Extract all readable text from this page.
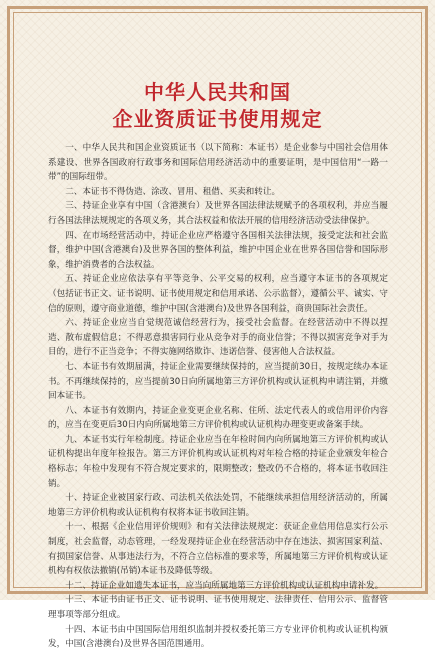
中华人民共和国
企业资质证书使用规定

一、中华人民共和国企业资质证书（以下简称：本证书）是企业参与中国社会信用体系建设、世界各国政府行政事务和国际信用经济活动中的重要证明，是中国信用“一路一带”的国际纽带。

二、本证书不得伪造、涂改、冒用、租借、买卖和转让。

三、持证企业享有中国（含港澳台）及世界各国法律法规赋予的各项权利，并应当履行各国法律法规规定的各项义务，其合法权益和依法开展的信用经济活动受法律保护。

四、在市场经营活动中，持证企业应严格遵守各国相关法律法规，接受定法和社会监督，维护中国(含港澳台)及世界各国的整体利益，维护中国企业在世界各国信誉和国际形象，维护消费者的合法权益。

五、持证企业应依法享有平等竞争、公平交易的权利，应当遵守本证书的各项规定（包括证书正文、证书说明、证书使用规定和信用承诺、公示监督），遵循公平、诚实、守信的原则，遵守商业道德，维护中国(含港澳台)及世界各国利益，商贵国际社会责任。

六、持证企业应当自觉规范诚信经营行为，接受社会监督。在经营活动中不得以捏造、散布虚假信息；不得恶意损害同行业从竞争对手的商业信誉；不得以损害竞争对手为目的，进行不正当竞争；不得实施网络欺诈、违诺信誉、侵害他人合法权益。

七、本证书有效期届满，持证企业需要继续保持的，应当提前30日，按规定续办本证书。不再继续保持的，应当提前30日向所属地第三方评价机构或认证机构申请注销，并缴回本证书。

八、本证书有效期内，持证企业变更企业名称、住所、法定代表人的或信用评价内容的，应当在变更后30日内向所属地第三方评价机构或认证机构办理变更或备案手续。

九、本证书实行年检制度。持证企业应当在年检时间内向所属地第三方评价机构或认证机构提出年度年检报告。第三方评价机构或认证机构对年检合格的持证企业颁发年检合格标志；年检中发现有不符合规定要求的，限期整改；整改仍不合格的，将本证书收回注销。

十、持证企业被国家行政、司法机关依法处罚，不能继续承担信用经济活动的，所属地第三方评价机构或认证机构有权将本证书收回注销。

十一、根据《企业信用评价规则》和有关法律法规规定：获证企业信用信息实行公示制度，社会监督，动态管理，一经发现持证企业在经营活动中存在违法、损害国家利益、有损国家信誉、从事违法行为，不符合立信标准的要求等，所属地第三方评价机构或认证机构有权依法撤销(吊销)本证书及降低等级。

十二、持证企业如遗失本证书，应当向所属地第三方评价机构或认证机构申请补发。

十三、本证书由证书正文、证书说明、证书使用规定、法律责任、信用公示、监督管理事项等部分组成。

十四、本证书由中国国际信用组织监制并授权委托第三方专业评价机构或认证机构颁发，中国(含港澳台)及世界各国范围通用。
